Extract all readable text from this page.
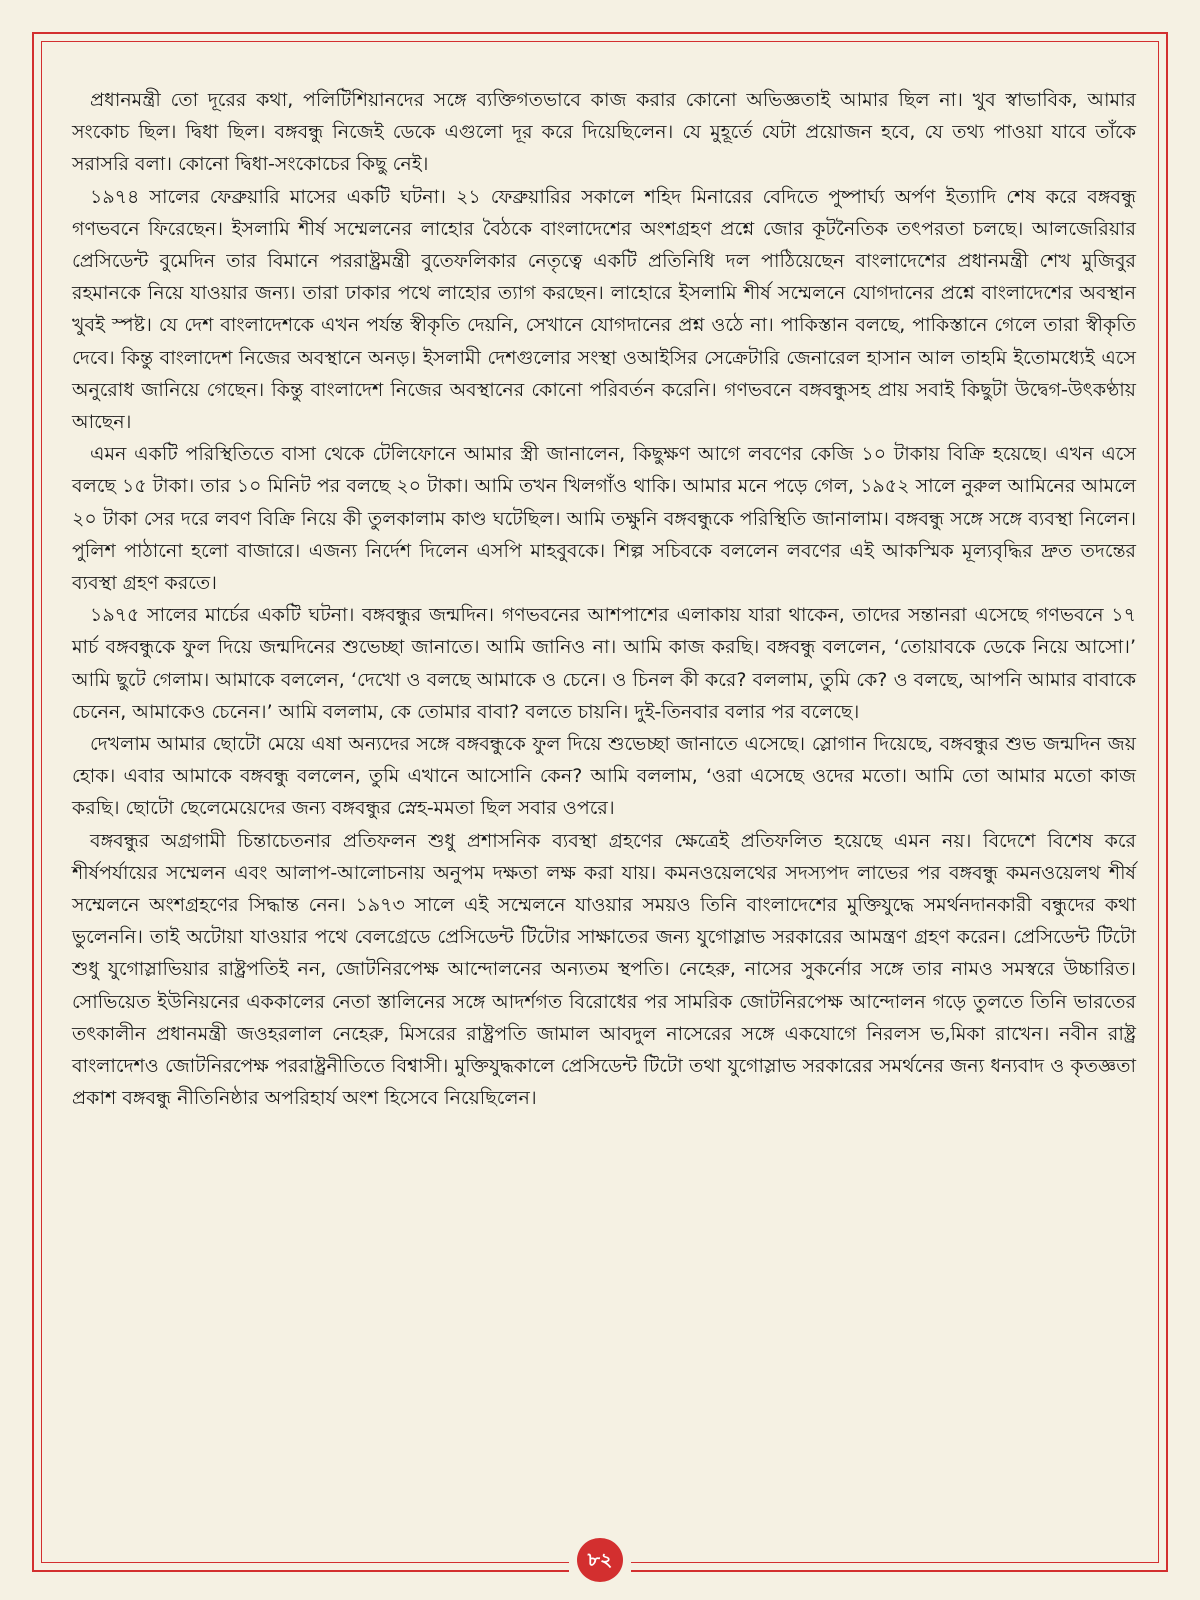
প্রধানমন্ত্রী তো দূরের কথা, পলিটিশিয়ানদের সঙ্গে ব্যক্তিগতভাবে কাজ করার কোনো অভিজ্ঞতাই আমার ছিল না। খুব স্বাভাবিক, আমার সংকোচ ছিল। দ্বিধা ছিল। বঙ্গবন্ধু নিজেই ডেকে এগুলো দূর করে দিয়েছিলেন। যে মুহূর্তে যেটা প্রয়োজন হবে, যে তথ্য পাওয়া যাবে তাঁকে সরাসরি বলা। কোনো দ্বিধা-সংকোচের কিছু নেই।

১৯৭৪ সালের ফেব্রুয়ারি মাসের একটি ঘটনা। ২১ ফেব্রুয়ারির সকালে শহিদ মিনারের বেদিতে পুষ্পার্ঘ্য অর্পণ ইত্যাদি শেষ করে বঙ্গবন্ধু গণভবনে ফিরেছেন। ইসলামি শীর্ষ সম্মেলনের লাহোর বৈঠকে বাংলাদেশের অংশগ্রহণ প্রশ্নে জোর কূটনৈতিক তৎপরতা চলছে। আলজেরিয়ার প্রেসিডেন্ট বুমেদিন তার বিমানে পররাষ্ট্রমন্ত্রী বুতেফলিকার নেতৃত্বে একটি প্রতিনিধি দল পাঠিয়েছেন বাংলাদেশের প্রধানমন্ত্রী শেখ মুজিবুর রহমানকে নিয়ে যাওয়ার জন্য। তারা ঢাকার পথে লাহোর ত্যাগ করছেন। লাহোরে ইসলামি শীর্ষ সম্মেলনে যোগদানের প্রশ্নে বাংলাদেশের অবস্থান খুবই স্পষ্ট। যে দেশ বাংলাদেশকে এখন পর্যন্ত স্বীকৃতি দেয়নি, সেখানে যোগদানের প্রশ্ন ওঠে না। পাকিস্তান বলছে, পাকিস্তানে গেলে তারা স্বীকৃতি দেবে। কিন্তু বাংলাদেশ নিজের অবস্থানে অনড়। ইসলামী দেশগুলোর সংস্থা ওআইসির সেক্রেটারি জেনারেল হাসান আল তাহমি ইতোমধ্যেই এসে অনুরোধ জানিয়ে গেছেন। কিন্তু বাংলাদেশ নিজের অবস্থানের কোনো পরিবর্তন করেনি। গণভবনে বঙ্গবন্ধুসহ প্রায় সবাই কিছুটা উদ্বেগ-উৎকণ্ঠায় আছেন।

এমন একটি পরিস্থিতিতে বাসা থেকে টেলিফোনে আমার স্ত্রী জানালেন, কিছুক্ষণ আগে লবণের কেজি ১০ টাকায় বিক্রি হয়েছে। এখন এসে বলছে ১৫ টাকা। তার ১০ মিনিট পর বলছে ২০ টাকা। আমি তখন খিলগাঁও থাকি। আমার মনে পড়ে গেল, ১৯৫২ সালে নুরুল আমিনের আমলে ২০ টাকা সের দরে লবণ বিক্রি নিয়ে কী তুলকালাম কাণ্ড ঘটেছিল। আমি তক্ষুনি বঙ্গবন্ধুকে পরিস্থিতি জানালাম। বঙ্গবন্ধু সঙ্গে সঙ্গে ব্যবস্থা নিলেন। পুলিশ পাঠানো হলো বাজারে। এজন্য নির্দেশ দিলেন এসপি মাহবুবকে। শিল্প সচিবকে বললেন লবণের এই আকস্মিক মূল্যবৃদ্ধির দ্রুত তদন্তের ব্যবস্থা গ্রহণ করতে।

১৯৭৫ সালের মার্চের একটি ঘটনা। বঙ্গবন্ধুর জন্মদিন। গণভবনের আশপাশের এলাকায় যারা থাকেন, তাদের সন্তানরা এসেছে গণভবনে ১৭ মার্চ বঙ্গবন্ধুকে ফুল দিয়ে জন্মদিনের শুভেচ্ছা জানাতে। আমি জানিও না। আমি কাজ করছি। বঙ্গবন্ধু বললেন, ‘তোয়াবকে ডেকে নিয়ে আসো।’ আমি ছুটে গেলাম। আমাকে বললেন, ‘দেখো ও বলছে আমাকে ও চেনে। ও চিনল কী করে? বললাম, তুমি কে? ও বলছে, আপনি আমার বাবাকে চেনেন, আমাকেও চেনেন।’ আমি বললাম, কে তোমার বাবা? বলতে চায়নি। দুই-তিনবার বলার পর বলেছে।

দেখলাম আমার ছোটো মেয়ে এষা অন্যদের সঙ্গে বঙ্গবন্ধুকে ফুল দিয়ে শুভেচ্ছা জানাতে এসেছে। স্লোগান দিয়েছে, বঙ্গবন্ধুর শুভ জন্মদিন জয় হোক। এবার আমাকে বঙ্গবন্ধু বললেন, তুমি এখানে আসোনি কেন? আমি বললাম, ‘ওরা এসেছে ওদের মতো। আমি তো আমার মতো কাজ করছি। ছোটো ছেলেমেয়েদের জন্য বঙ্গবন্ধুর স্নেহ-মমতা ছিল সবার ওপরে।

বঙ্গবন্ধুর অগ্রগামী চিন্তাচেতনার প্রতিফলন শুধু প্রশাসনিক ব্যবস্থা গ্রহণের ক্ষেত্রেই প্রতিফলিত হয়েছে এমন নয়। বিদেশে বিশেষ করে শীর্ষপর্যায়ের সম্মেলন এবং আলাপ-আলোচনায় অনুপম দক্ষতা লক্ষ করা যায়। কমনওয়েলথের সদস্যপদ লাভের পর বঙ্গবন্ধু কমনওয়েলথ শীর্ষ সম্মেলনে অংশগ্রহণের সিদ্ধান্ত নেন। ১৯৭৩ সালে এই সম্মেলনে যাওয়ার সময়ও তিনি বাংলাদেশের মুক্তিযুদ্ধে সমর্থনদানকারী বন্ধুদের কথা ভুলেননি। তাই অটোয়া যাওয়ার পথে বেলগ্রেডে প্রেসিডেন্ট টিটোর সাক্ষাতের জন্য যুগোস্লাভ সরকারের আমন্ত্রণ গ্রহণ করেন। প্রেসিডেন্ট টিটো শুধু যুগোস্লাভিয়ার রাষ্ট্রপতিই নন, জোটনিরপেক্ষ আন্দোলনের অন্যতম স্থপতি। নেহেরু, নাসের সুকর্নোর সঙ্গে তার নামও সমস্বরে উচ্চারিত। সোভিয়েত ইউনিয়নের এককালের নেতা স্তালিনের সঙ্গে আদর্শগত বিরোধের পর সামরিক জোটনিরপেক্ষ আন্দোলন গড়ে তুলতে তিনি ভারতের তৎকালীন প্রধানমন্ত্রী জওহরলাল নেহেরু, মিসরের রাষ্ট্রপতি জামাল আবদুল নাসেরের সঙ্গে একযোগে নিরলস ভ‚মিকা রাখেন। নবীন রাষ্ট্র বাংলাদেশও জোটনিরপেক্ষ পররাষ্ট্রনীতিতে বিশ্বাসী। মুক্তিযুদ্ধকালে প্রেসিডেন্ট টিটো তথা যুগোস্লাভ সরকারের সমর্থনের জন্য ধন্যবাদ ও কৃতজ্ঞতা প্রকাশ বঙ্গবন্ধু নীতিনিষ্ঠার অপরিহার্য অংশ হিসেবে নিয়েছিলেন।

৮২
